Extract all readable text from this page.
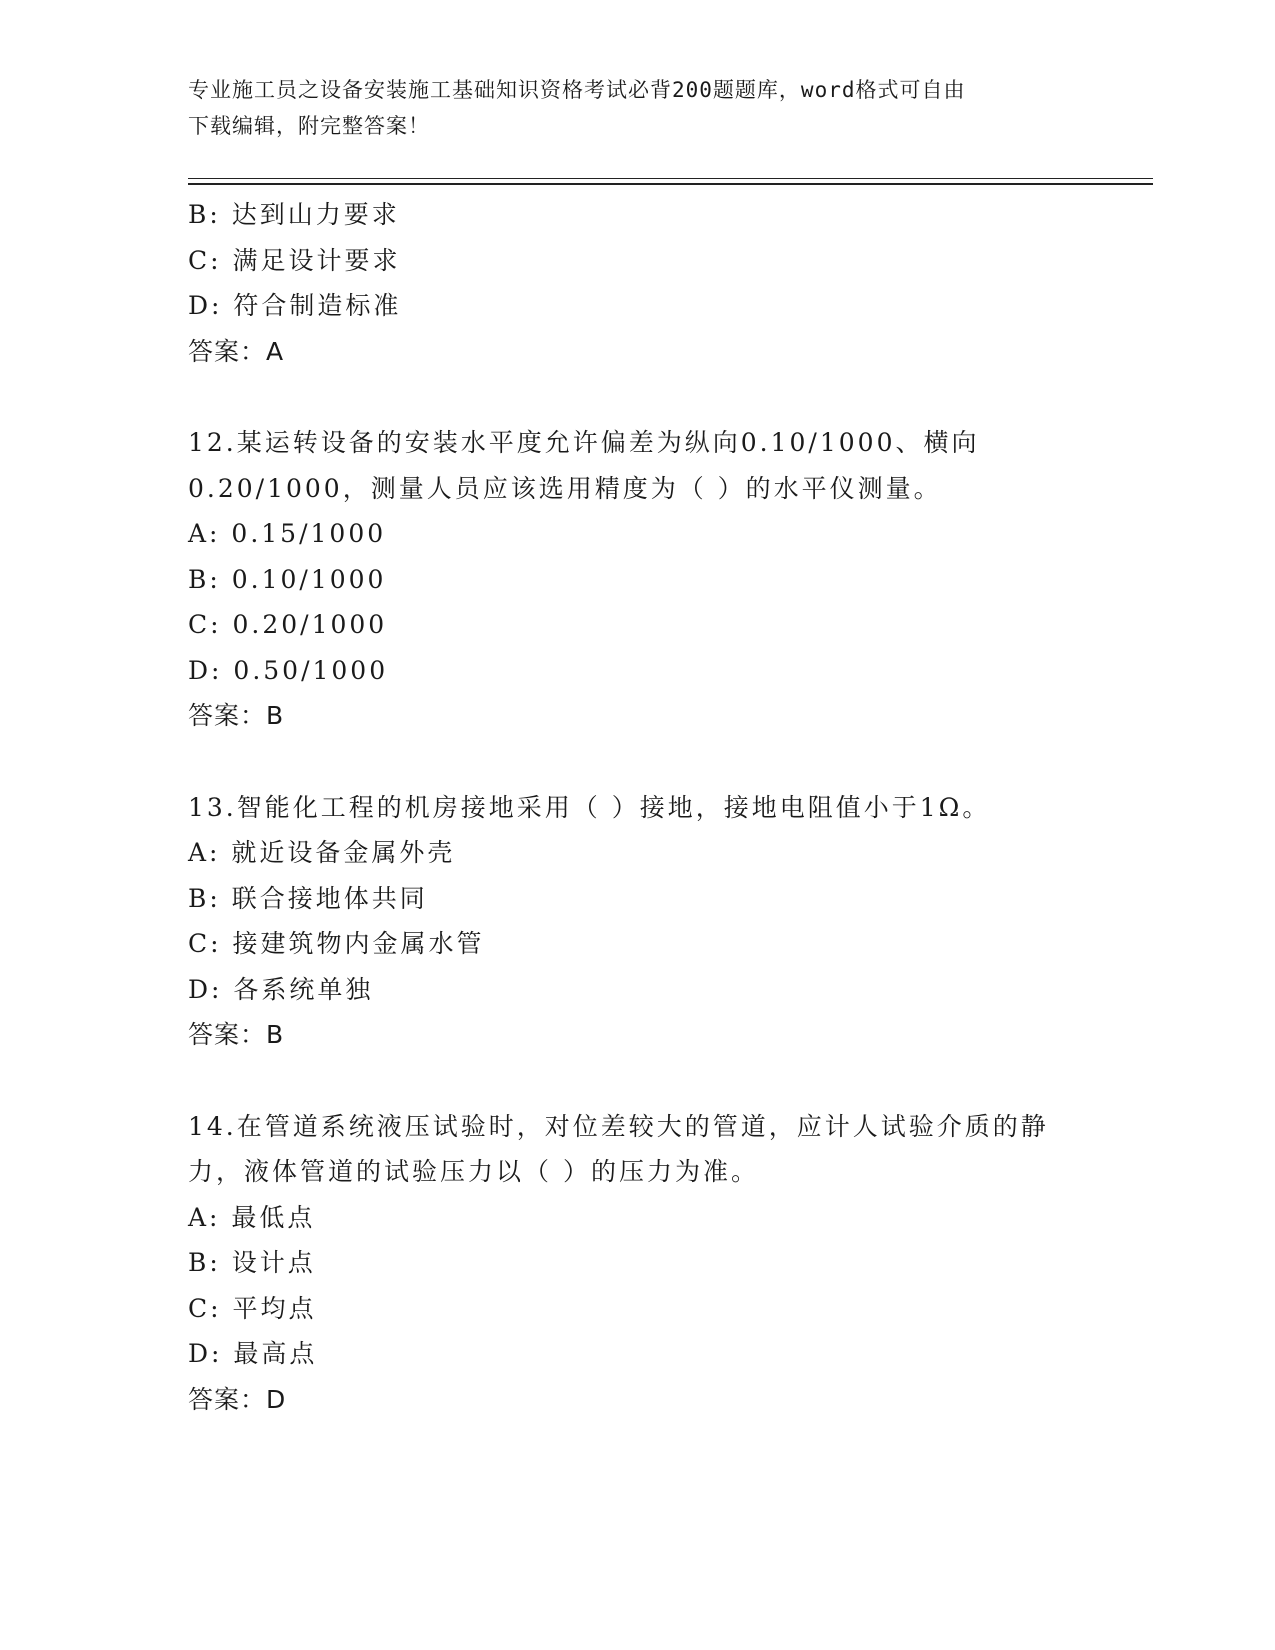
专业施工员之设备安装施工基础知识资格考试必背200题题库，word格式可自由
下载编辑，附完整答案！
B: 达到山力要求
C: 满足设计要求
D: 符合制造标准
答案：A
12.某运转设备的安装水平度允许偏差为纵向0.10/1000、横向
0.20/1000，测量人员应该选用精度为（ ）的水平仪测量。
A: 0.15/1000
B: 0.10/1000
C: 0.20/1000
D: 0.50/1000
答案：B
13.智能化工程的机房接地采用（ ）接地，接地电阻值小于1Ω。
A: 就近设备金属外壳
B: 联合接地体共同
C: 接建筑物内金属水管
D: 各系统单独
答案：B
14.在管道系统液压试验时，对位差较大的管道，应计人试验介质的静
力，液体管道的试验压力以（ ）的压力为准。
A: 最低点
B: 设计点
C: 平均点
D: 最高点
答案：D
